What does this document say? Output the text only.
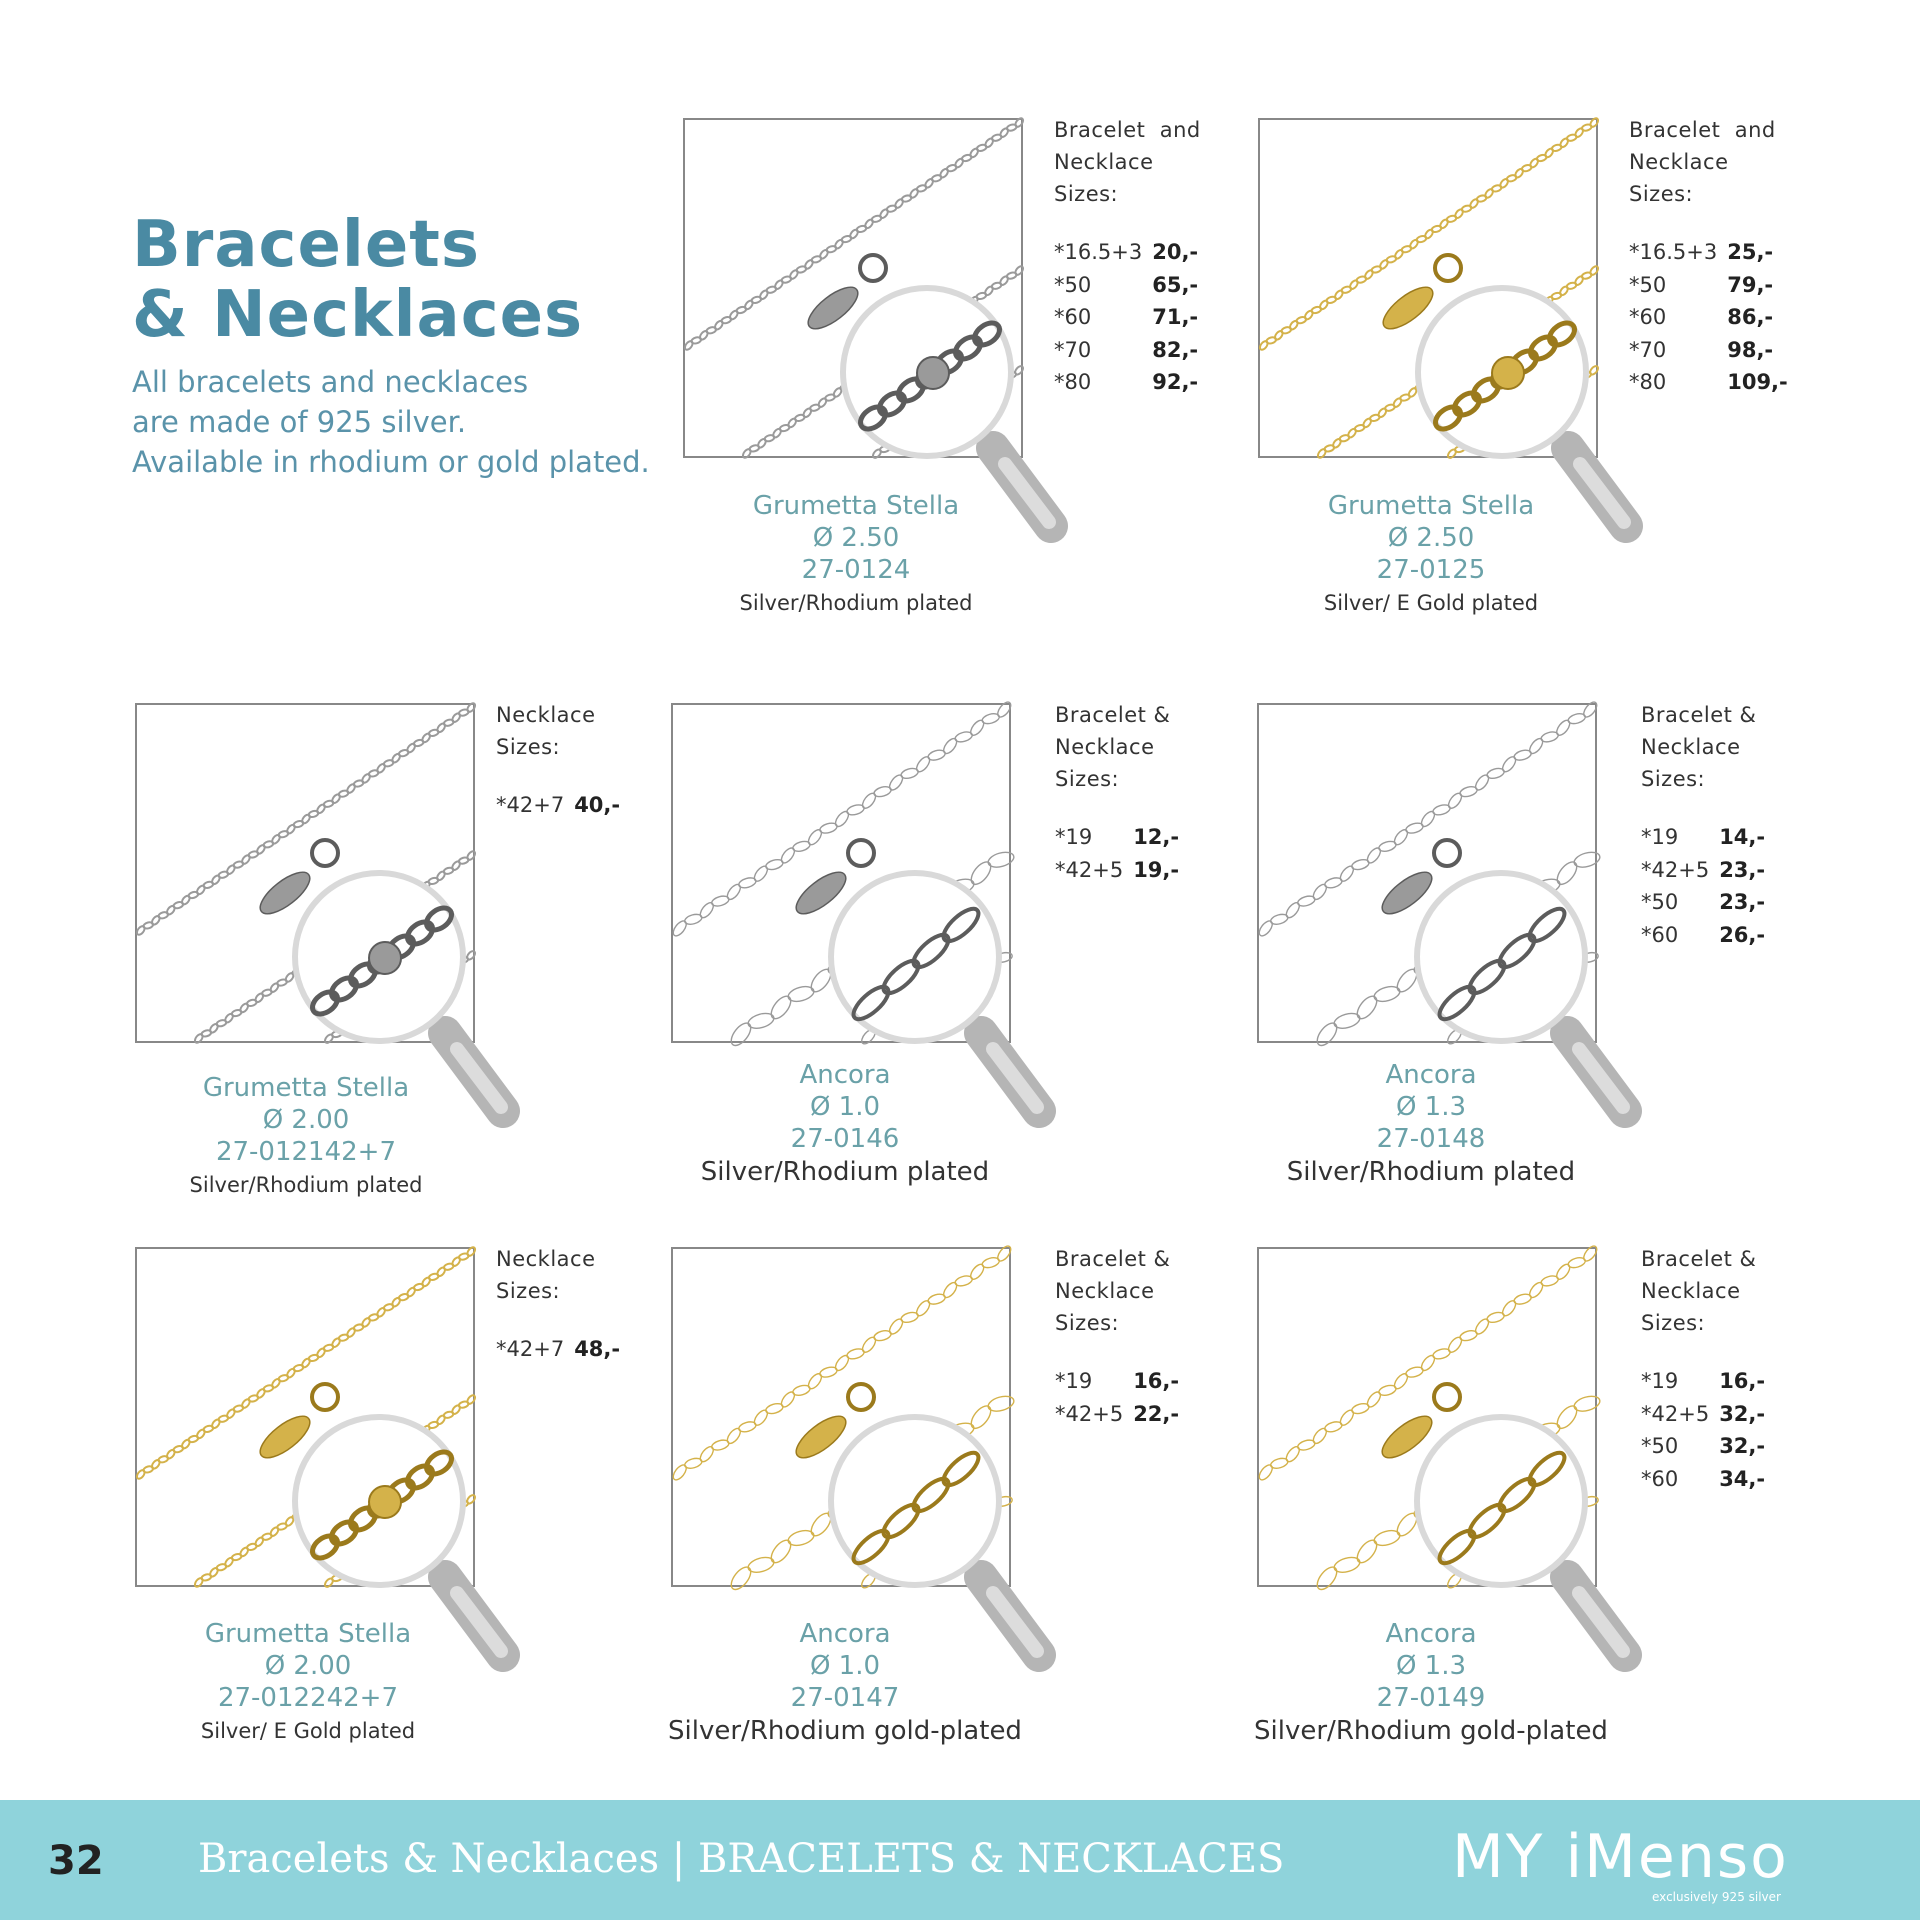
Bracelets
& Necklaces

All bracelets and necklaces
are made of 925 silver.
Available in rhodium or gold plated.

Grumetta Stella
Ø 2.50
27-0124
Silver/Rhodium plated
Bracelet  and
Necklace
Sizes:
*16.5+3	20,-
*50	65,-
*60	71,-
*70	82,-
*80	92,-
Grumetta Stella
Ø 2.50
27-0125
Silver/ E Gold plated
Bracelet  and
Necklace
Sizes:
*16.5+3	25,-
*50	79,-
*60	86,-
*70	98,-
*80	109,-
Grumetta Stella
Ø 2.00
27-012142+7
Silver/Rhodium plated
Necklace
Sizes:
*42+7	40,-
Ancora
Ø 1.0
27-0146
Silver/Rhodium plated
Bracelet &
Necklace
Sizes:
*19	12,-
*42+5	19,-
Ancora
Ø 1.3
27-0148
Silver/Rhodium plated
Bracelet &
Necklace
Sizes:
*19	14,-
*42+5	23,-
*50	23,-
*60	26,-
Grumetta Stella
Ø 2.00
27-012242+7
Silver/ E Gold plated
Necklace
Sizes:
*42+7	48,-
Ancora
Ø 1.0
27-0147
Silver/Rhodium gold-plated
Bracelet &
Necklace
Sizes:
*19	16,-
*42+5	22,-
Ancora
Ø 1.3
27-0149
Silver/Rhodium gold-plated
Bracelet &
Necklace
Sizes:
*19	16,-
*42+5	32,-
*50	32,-
*60	34,-
32 Bracelets & Necklaces | BRACELETS & NECKLACES	MY iMenso
exclusively 925 silver
